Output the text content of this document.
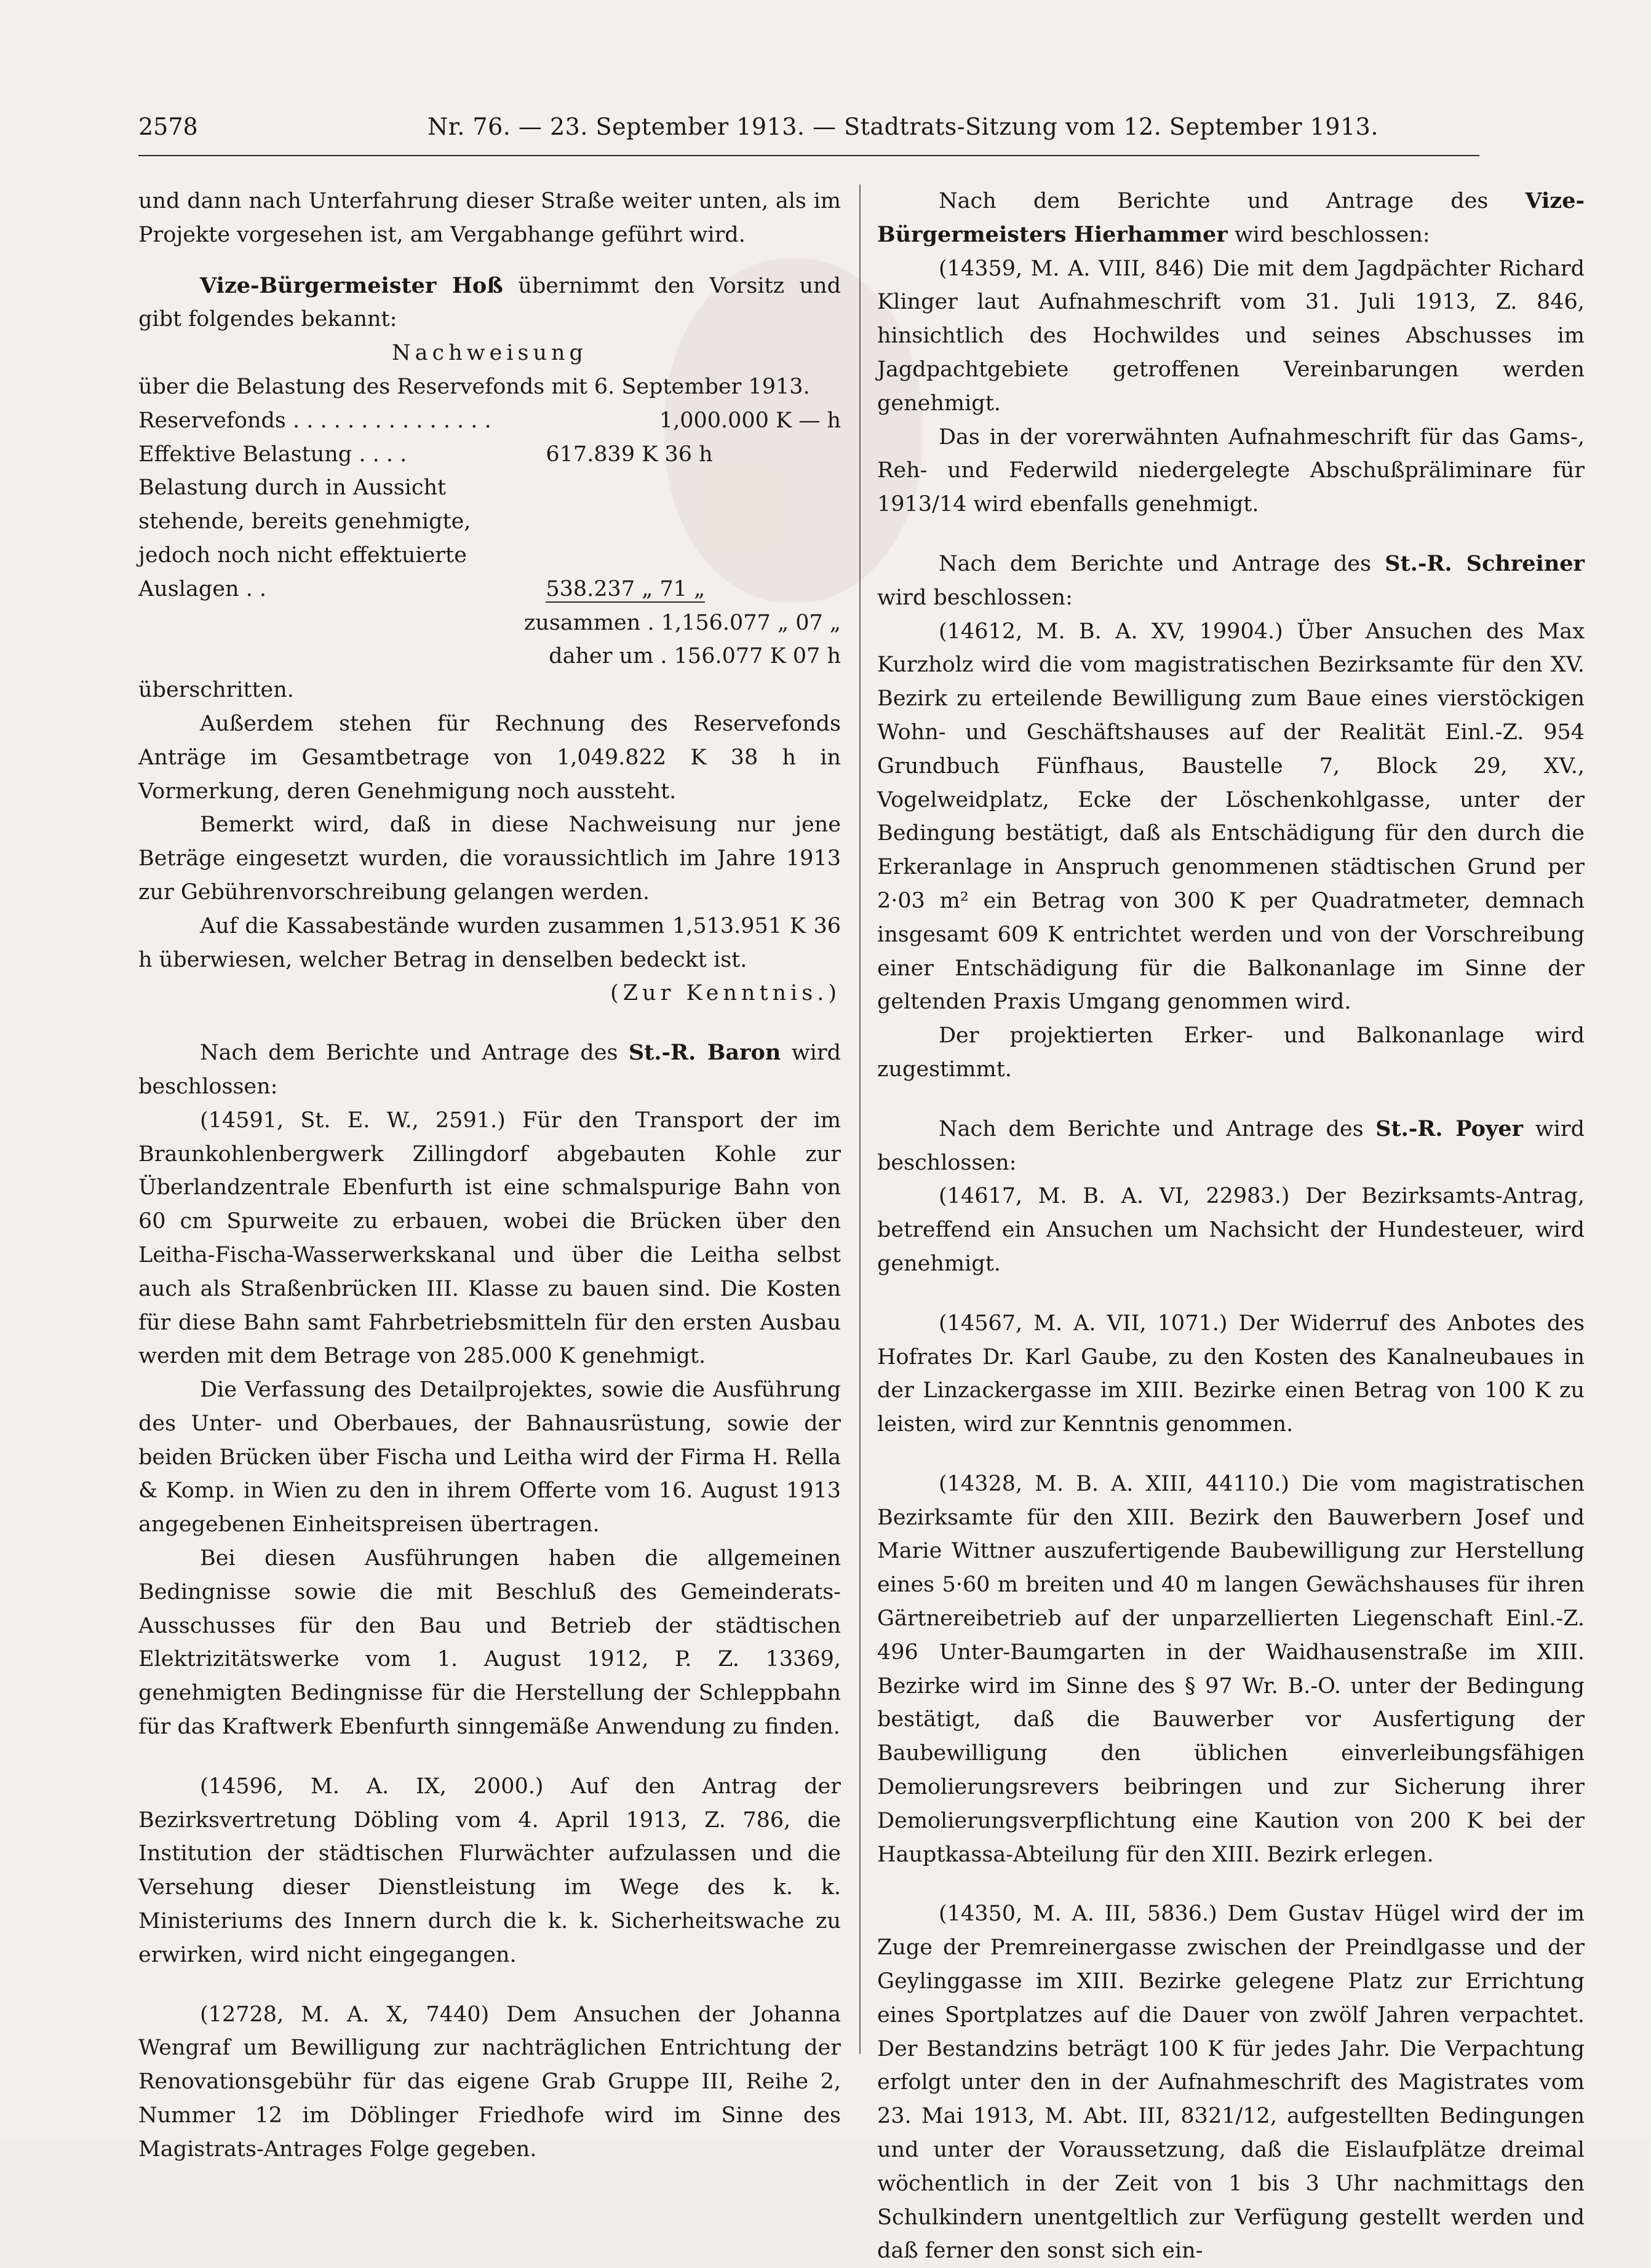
2578	Nr. 76. — 23. September 1913. — Stadtrats-Sitzung vom 12. September 1913.

und dann nach Unterfahrung dieser Straße weiter unten, als im Projekte vorgesehen ist, am Vergabhange geführt wird.

Vize-Bürgermeister Hoß übernimmt den Vorsitz und gibt folgendes bekannt:

Nachweisung

über die Belastung des Reservefonds mit 6. September 1913.

Reservefonds . . . . . . . . . . . . . . .	1,000.000 K — h
Effektive Belastung . . . .	617.839 K 36 h
Belastung durch in Aussicht stehende, bereits genehmigte, jedoch noch nicht effektuierte Auslagen . .	538.237 „ 71 „

zusammen . 1,156.077 „ 07 „

daher um . 156.077 K 07 h

überschritten.

Außerdem stehen für Rechnung des Reservefonds Anträge im Gesamtbetrage von 1,049.822 K 38 h in Vormerkung, deren Genehmigung noch aussteht.

Bemerkt wird, daß in diese Nachweisung nur jene Beträge eingesetzt wurden, die voraussichtlich im Jahre 1913 zur Gebührenvorschreibung gelangen werden.

Auf die Kassabestände wurden zusammen 1,513.951 K 36 h überwiesen, welcher Betrag in denselben bedeckt ist.

(Zur Kenntnis.)

Nach dem Berichte und Antrage des St.-R. Baron wird beschlossen:

(14591, St. E. W., 2591.) Für den Transport der im Braunkohlenbergwerk Zillingdorf abgebauten Kohle zur Überlandzentrale Ebenfurth ist eine schmalspurige Bahn von 60 cm Spurweite zu erbauen, wobei die Brücken über den Leitha-Fischa-Wasserwerkskanal und über die Leitha selbst auch als Straßenbrücken III. Klasse zu bauen sind. Die Kosten für diese Bahn samt Fahrbetriebsmitteln für den ersten Ausbau werden mit dem Betrage von 285.000 K genehmigt.

Die Verfassung des Detailprojektes, sowie die Ausführung des Unter- und Oberbaues, der Bahnausrüstung, sowie der beiden Brücken über Fischa und Leitha wird der Firma H. Rella & Komp. in Wien zu den in ihrem Offerte vom 16. August 1913 angegebenen Einheitspreisen übertragen.

Bei diesen Ausführungen haben die allgemeinen Bedingnisse sowie die mit Beschluß des Gemeinderats-Ausschusses für den Bau und Betrieb der städtischen Elektrizitätswerke vom 1. August 1912, P. Z. 13369, genehmigten Bedingnisse für die Herstellung der Schleppbahn für das Kraftwerk Ebenfurth sinngemäße Anwendung zu finden.

(14596, M. A. IX, 2000.) Auf den Antrag der Bezirksvertretung Döbling vom 4. April 1913, Z. 786, die Institution der städtischen Flurwächter aufzulassen und die Versehung dieser Dienstleistung im Wege des k. k. Ministeriums des Innern durch die k. k. Sicherheitswache zu erwirken, wird nicht eingegangen.

(12728, M. A. X, 7440) Dem Ansuchen der Johanna Wengraf um Bewilligung zur nachträglichen Entrichtung der Renovationsgebühr für das eigene Grab Gruppe III, Reihe 2, Nummer 12 im Döblinger Friedhofe wird im Sinne des Magistrats-Antrages Folge gegeben.

Nach dem Berichte und Antrage des Vize-Bürgermeisters Hierhammer wird beschlossen:

(14359, M. A. VIII, 846) Die mit dem Jagdpächter Richard Klinger laut Aufnahmeschrift vom 31. Juli 1913, Z. 846, hinsichtlich des Hochwildes und seines Abschusses im Jagdpachtgebiete getroffenen Vereinbarungen werden genehmigt.

Das in der vorerwähnten Aufnahmeschrift für das Gams-, Reh- und Federwild niedergelegte Abschußpräliminare für 1913/14 wird ebenfalls genehmigt.

Nach dem Berichte und Antrage des St.-R. Schreiner wird beschlossen:

(14612, M. B. A. XV, 19904.) Über Ansuchen des Max Kurzholz wird die vom magistratischen Bezirksamte für den XV. Bezirk zu erteilende Bewilligung zum Baue eines vierstöckigen Wohn- und Geschäftshauses auf der Realität Einl.-Z. 954 Grundbuch Fünfhaus, Baustelle 7, Block 29, XV., Vogelweidplatz, Ecke der Löschenkohlgasse, unter der Bedingung bestätigt, daß als Entschädigung für den durch die Erkeranlage in Anspruch genommenen städtischen Grund per 2·03 m² ein Betrag von 300 K per Quadratmeter, demnach insgesamt 609 K entrichtet werden und von der Vorschreibung einer Entschädigung für die Balkonanlage im Sinne der geltenden Praxis Umgang genommen wird.

Der projektierten Erker- und Balkonanlage wird zugestimmt.

Nach dem Berichte und Antrage des St.-R. Poyer wird beschlossen:

(14617, M. B. A. VI, 22983.) Der Bezirksamts-Antrag, betreffend ein Ansuchen um Nachsicht der Hundesteuer, wird genehmigt.

(14567, M. A. VII, 1071.) Der Widerruf des Anbotes des Hofrates Dr. Karl Gaube, zu den Kosten des Kanalneubaues in der Linzackergasse im XIII. Bezirke einen Betrag von 100 K zu leisten, wird zur Kenntnis genommen.

(14328, M. B. A. XIII, 44110.) Die vom magistratischen Bezirksamte für den XIII. Bezirk den Bauwerbern Josef und Marie Wittner auszufertigende Baubewilligung zur Herstellung eines 5·60 m breiten und 40 m langen Gewächshauses für ihren Gärtnereibetrieb auf der unparzellierten Liegenschaft Einl.-Z. 496 Unter-Baumgarten in der Waidhausenstraße im XIII. Bezirke wird im Sinne des § 97 Wr. B.-O. unter der Bedingung bestätigt, daß die Bauwerber vor Ausfertigung der Baubewilligung den üblichen einverleibungsfähigen Demolierungsrevers beibringen und zur Sicherung ihrer Demolierungsverpflichtung eine Kaution von 200 K bei der Hauptkassa-Abteilung für den XIII. Bezirk erlegen.

(14350, M. A. III, 5836.) Dem Gustav Hügel wird der im Zuge der Premreinergasse zwischen der Preindlgasse und der Geylinggasse im XIII. Bezirke gelegene Platz zur Errichtung eines Sportplatzes auf die Dauer von zwölf Jahren verpachtet. Der Bestandzins beträgt 100 K für jedes Jahr. Die Verpachtung erfolgt unter den in der Aufnahmeschrift des Magistrates vom 23. Mai 1913, M. Abt. III, 8321/12, aufgestellten Bedingungen und unter der Voraussetzung, daß die Eislaufplätze dreimal wöchentlich in der Zeit von 1 bis 3 Uhr nachmittags den Schulkindern unentgeltlich zur Verfügung gestellt werden und daß ferner den sonst sich ein-
